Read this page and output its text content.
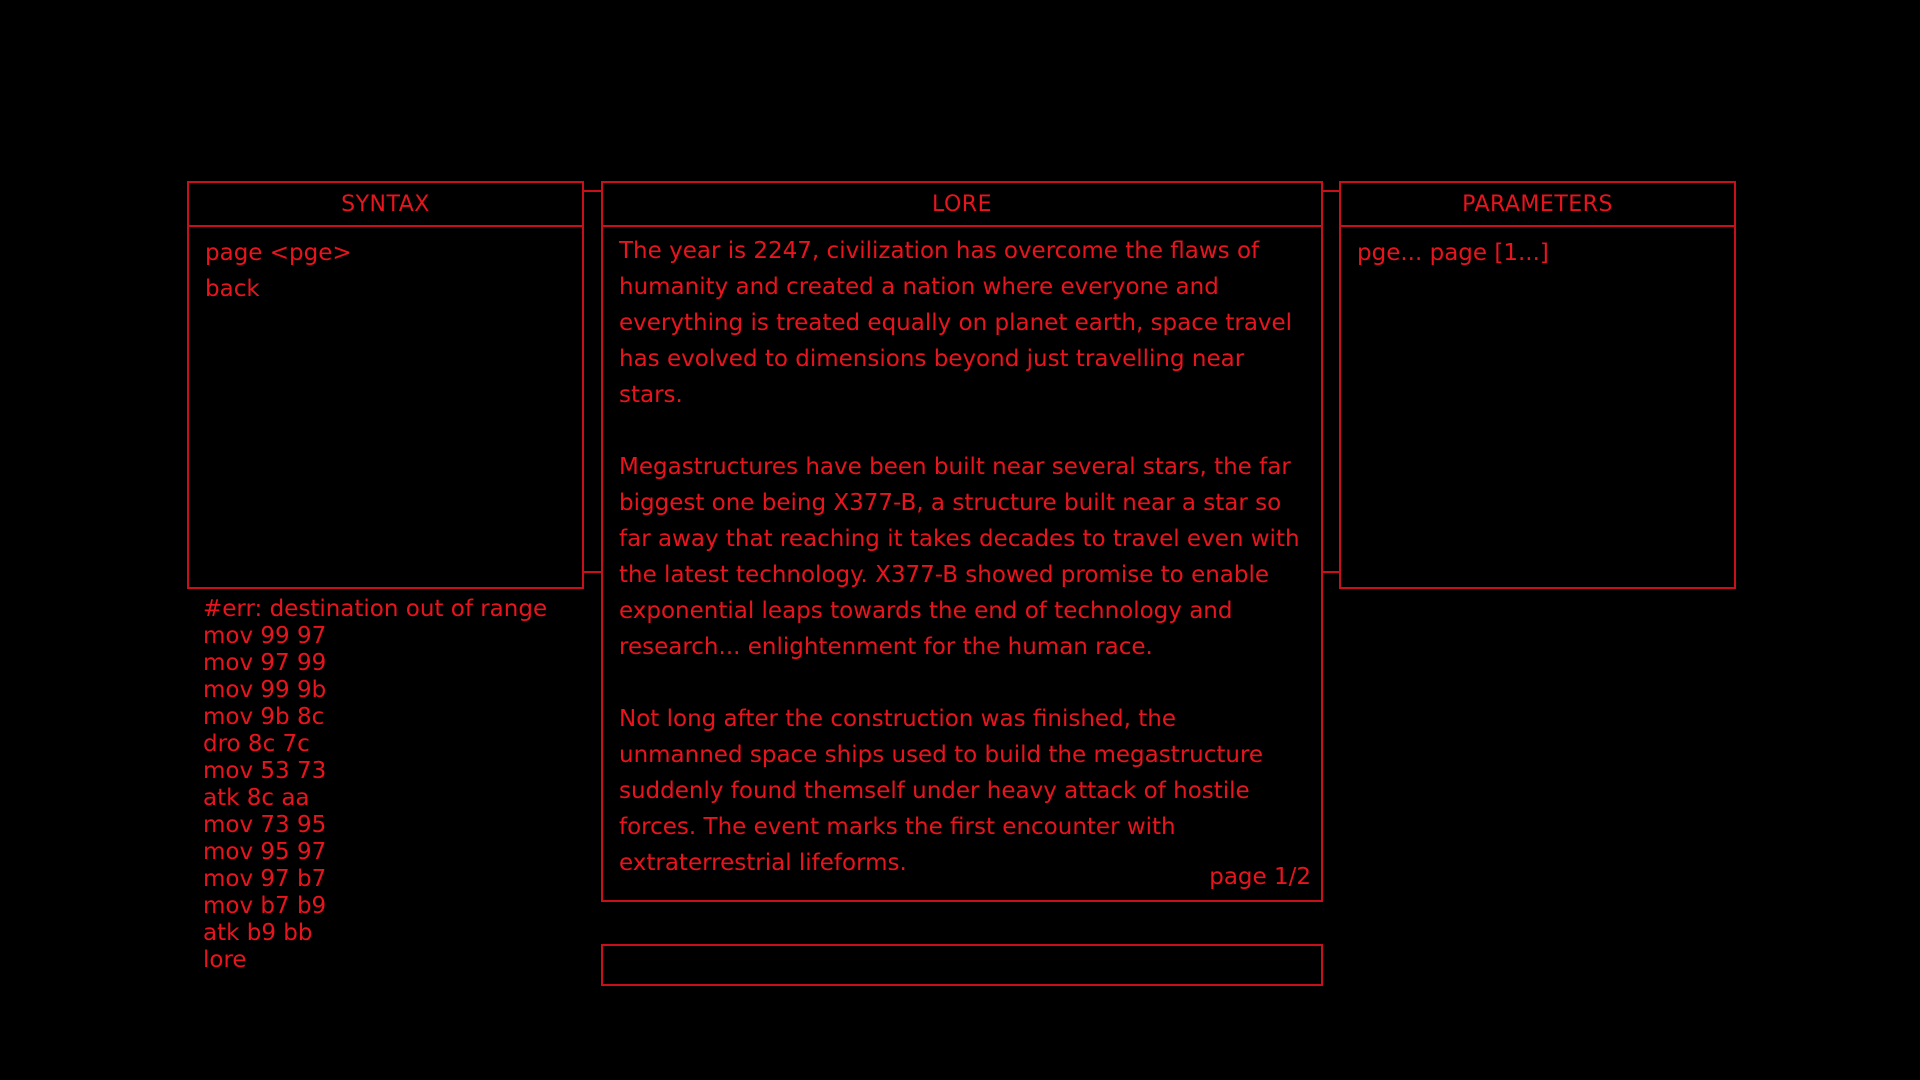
SYNTAX
page <pge>
back
LORE

The year is 2247, civilization has overcome the flaws of humanity and created a nation where everyone and everything is treated equally on planet earth, space travel has evolved to dimensions beyond just travelling near stars.

Megastructures have been built near several stars, the far biggest one being X377-B, a structure built near a star so far away that reaching it takes decades to travel even with the latest technology. X377-B showed promise to enable exponential leaps towards the end of technology and research... enlightenment for the human race.

Not long after the construction was finished, the unmanned space ships used to build the megastructure suddenly found themself under heavy attack of hostile forces. The event marks the first encounter with extraterrestrial lifeforms.

page 1/2
PARAMETERS
pge... page [1...]
#err: destination out of range
mov 99 97
mov 97 99
mov 99 9b
mov 9b 8c
dro 8c 7c
mov 53 73
atk 8c aa
mov 73 95
mov 95 97
mov 97 b7
mov b7 b9
atk b9 bb
lore
